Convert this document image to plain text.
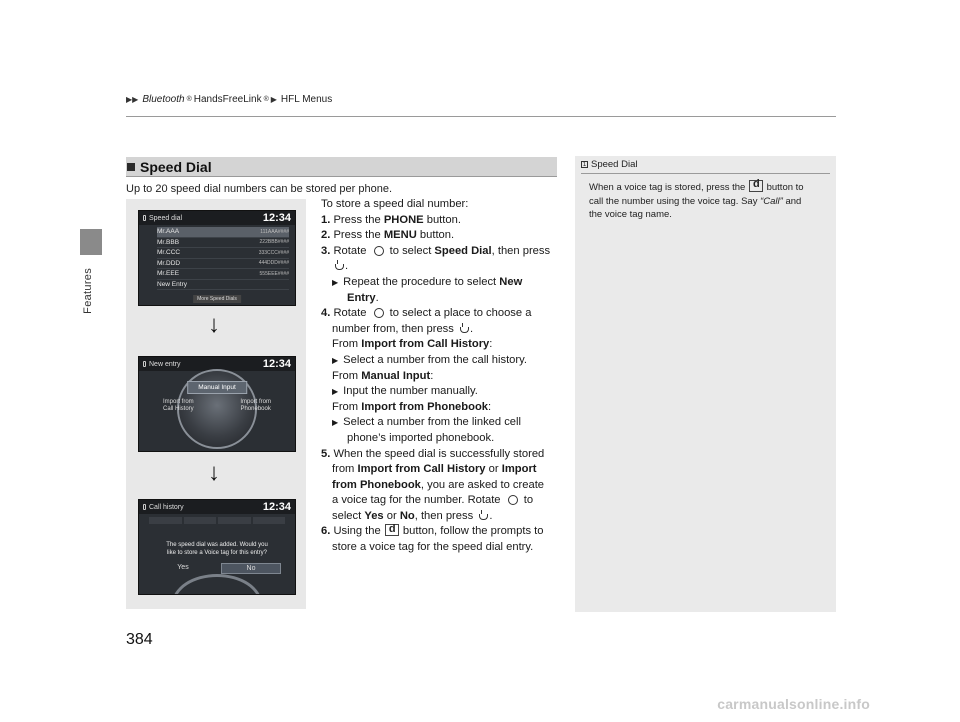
Features
▶▶ Bluetooth ® HandsFreeLink ® ▶ HFL Menus
Speed Dial
Up to 20 speed dial numbers can be stored per phone.
Speed dial	12:34
Mr.AAA	111AAA####
Mr.BBB	222BBB####
Mr.CCC	333CCC####
Mr.DDD	444DDD####
Mr.EEE	555EEE####
New Entry
More Speed Dials
↓
New entry	12:34
Manual Input
Import from
Call History
Import from
Phonebook
↓
Call history	12:34
The speed dial was added. Would you
like to store a Voice tag for this entry?
Yes	No
To store a speed dial number:
1. Press the PHONE button.
2. Press the MENU button.
3. Rotate  to select Speed Dial, then press
.
▶ Repeat the procedure to select New
Entry.
4. Rotate  to select a place to choose a
number from, then press .
From Import from Call History:
▶ Select a number from the call history.
From Manual Input:
▶ Input the number manually.
From Import from Phonebook:
▶ Select a number from the linked cell
phone’s imported phonebook.
5. When the speed dial is successfully stored
from Import from Call History or Import
from Phonebook, you are asked to create
a voice tag for the number. Rotate  to
select Yes or No, then press .
6. Using the d button, follow the prompts to
store a voice tag for the speed dial entry.
1 Speed Dial
When a voice tag is stored, press the d button to
call the number using the voice tag. Say “Call” and
the voice tag name.
384
carmanualsonline.info
